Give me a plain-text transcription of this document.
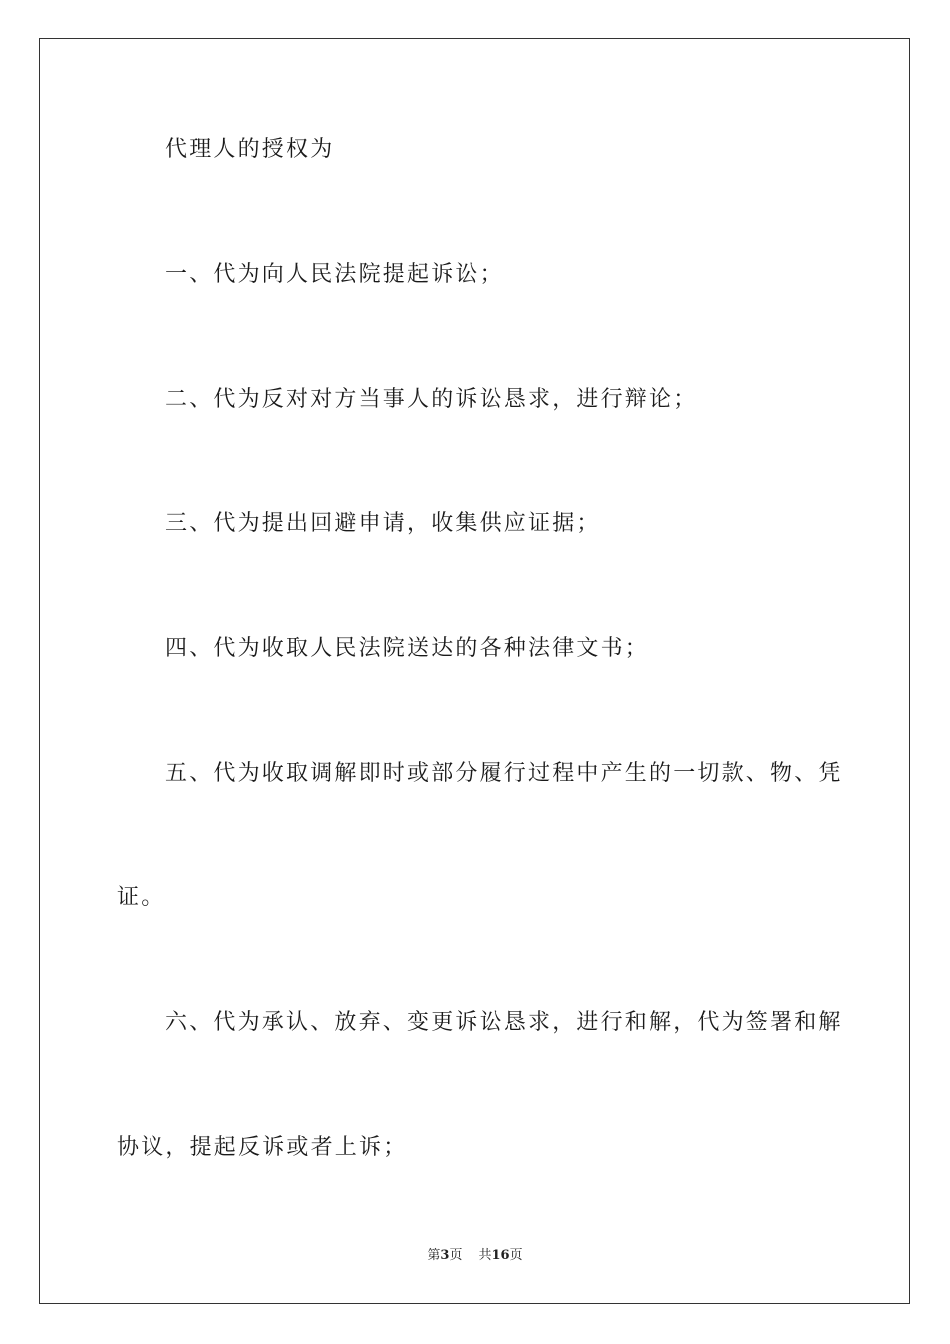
代理人的授权为

一、代为向人民法院提起诉讼；

二、代为反对对方当事人的诉讼恳求，进行辩论；

三、代为提出回避申请，收集供应证据；

四、代为收取人民法院送达的各种法律文书；

五、代为收取调解即时或部分履行过程中产生的一切款、物、凭

证。

六、代为承认、放弃、变更诉讼恳求，进行和解，代为签署和解

协议，提起反诉或者上诉；

第3页 共16页
